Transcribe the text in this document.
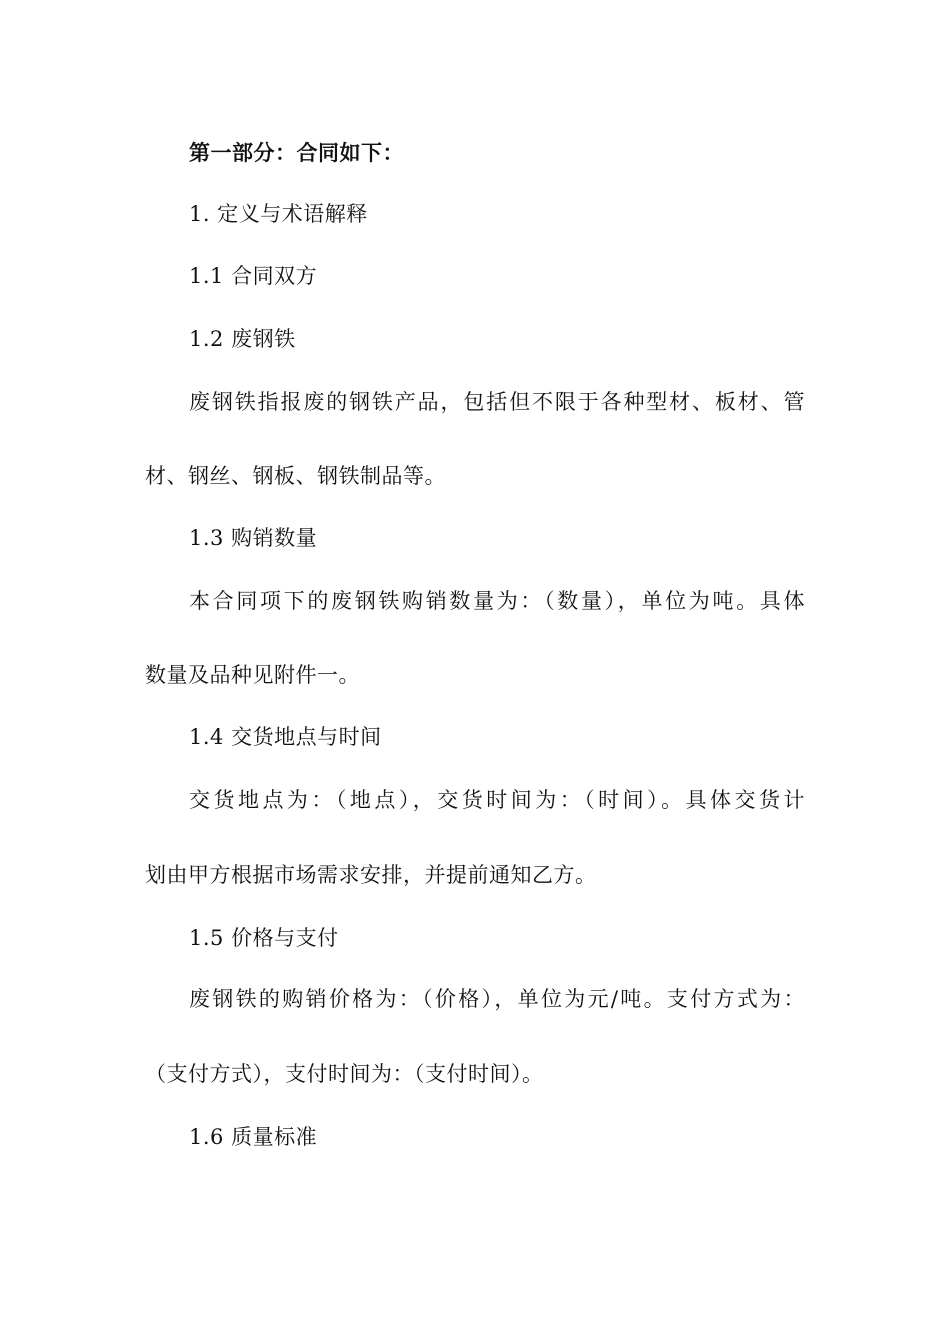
第一部分：合同如下：
1. 定义与术语解释
1.1 合同双方
1.2 废钢铁
废钢铁指报废的钢铁产品，包括但不限于各种型材、板材、管
材、钢丝、钢板、钢铁制品等。
1.3 购销数量
本合同项下的废钢铁购销数量为：（数量），单位为吨。具体
数量及品种见附件一。
1.4 交货地点与时间
交货地点为：（地点），交货时间为：（时间）。具体交货计
划由甲方根据市场需求安排，并提前通知乙方。
1.5 价格与支付
废钢铁的购销价格为：（价格），单位为元/吨。支付方式为：
（支付方式），支付时间为：（支付时间）。
1.6 质量标准
